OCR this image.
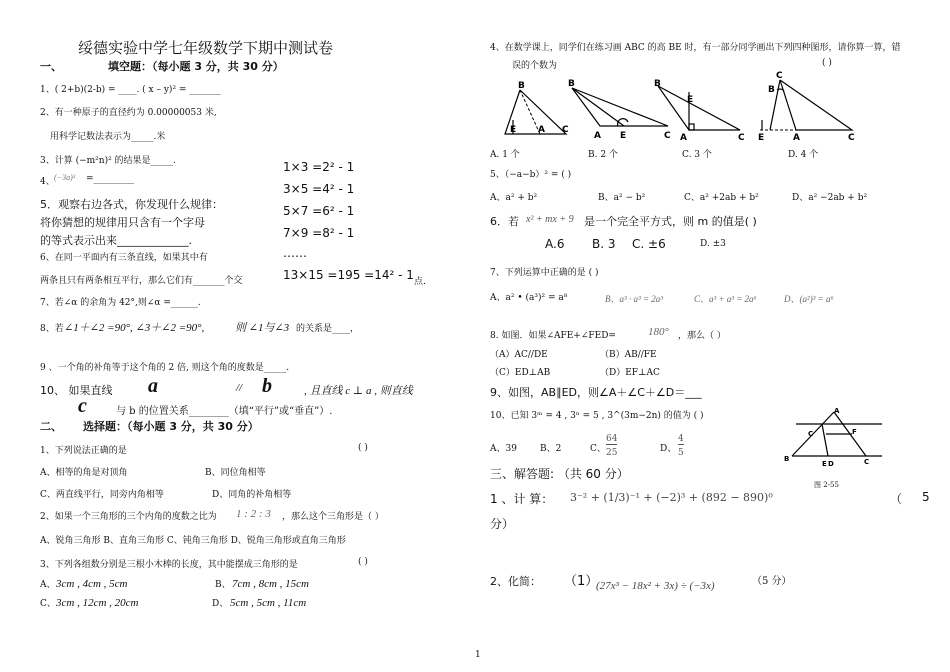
绥德实验中学七年级数学下期中测试卷
一、	填空题：（每小题 3 分，共 30 分）
1、( 2+b)(2-b) = ____. ( x – y)² = _______
2、有一种原子的直径约为 0.00000053 米,
用科学记数法表示为_____.米
3、计算 (−m²n)² 的结果是_____.
4、 (−3a)³ =_________
5．观察右边各式，你发现什么规律：
将你猜想的规律用只含有一个字母
的等式表示出来_____________.
1×3 =2² - 1
3×5 =4² - 1
5×7 =6² - 1
7×9 =8² - 1
……
13×15 =195 =14² - 1
6、在同一平面内有三条直线，如果其中有
两条且只有两条相互平行，那么它们有_______个交	点.
7、若∠α 的余角为 42°,则∠α =______.
8、若 ∠1＋∠2 =90°, ∠3＋∠2 =90°,	则 ∠1与∠3 的关系是____，
9 、一个角的补角等于这个角的 2 倍, 则这个角的度数是_____.
10、 如果直线 a	// b	, 且直线 c ⊥ a , 则直线
c	与 b 的位置关系________（填“平行”或“垂直”）.
二、 选择题：（每小题 3 分，共 30 分）
1、下列说法正确的是	( )
A、相等的角是对顶角	B、同位角相等
C、两直线平行，同旁内角相等	D、同角的补角相等
2、如果一个三角形的三个内角的度数之比为 1 : 2 : 3 ，那么这个三角形是（ ）
A、锐角三角形 B、直角三角形 C、钝角三角形 D、锐角三角形或直角三角形
3、下列各组数分别是三根小木棒的长度，其中能摆成三角形的是	( )
A、 3cm , 4cm , 5cm	B、 7cm , 8cm , 15cm
C、 3cm , 12cm , 20cm	D、 5cm , 5cm , 11cm
4、在数学课上，同学们在练习画 ABC 的高 BE 时，有一部分同学画出下列四种图形，请你算一算，错
误的个数为	( )
B
E A C
B
A E	C
B
E
A	C
C
B
E	A	C
A. 1 个	B. 2 个	C. 3 个	D. 4 个
5、（−a−b）² = ( )
A、a² + b²	B、a² − b²	C、a² +2ab + b²	D、a² −2ab + b²
6．若 x² + mx + 9 是一个完全平方式，则 m 的值是( )
A.6 B. 3 C. ±6	D. ±3
7、下列运算中正确的是 ( )
A、a² • (a³)² = a⁸	B、a³ · a³ = 2a³	C、a³ + a³ = 2a⁶	D、(a²)³ = a⁶
8. 如图．如果∠AFE+∠FED=	180° ，那么（ ）
（A）AC//DE	（B）AB//FE
（C）ED⊥AB	（D）EF⊥AC
9、如图，AB∥ED，则∠A＋∠C＋∠D＝___
10、已知 3ᵐ = 4 , 3ⁿ = 5 , 3^(3m−2n) 的值为 ( )
A、39	B、2	C、
64
25	D、
4
5
A
C	F
B
E D	C
图 2-55
三、解答题: （共 60 分）
1 、计 算： 3⁻² + (1/3)⁻¹ + (−2)³ + (892 − 890)⁰	（ 5
分）
2、化简： （1）
(27x³ − 18x² + 3x) ÷ (−3x)	（5 分）
1
